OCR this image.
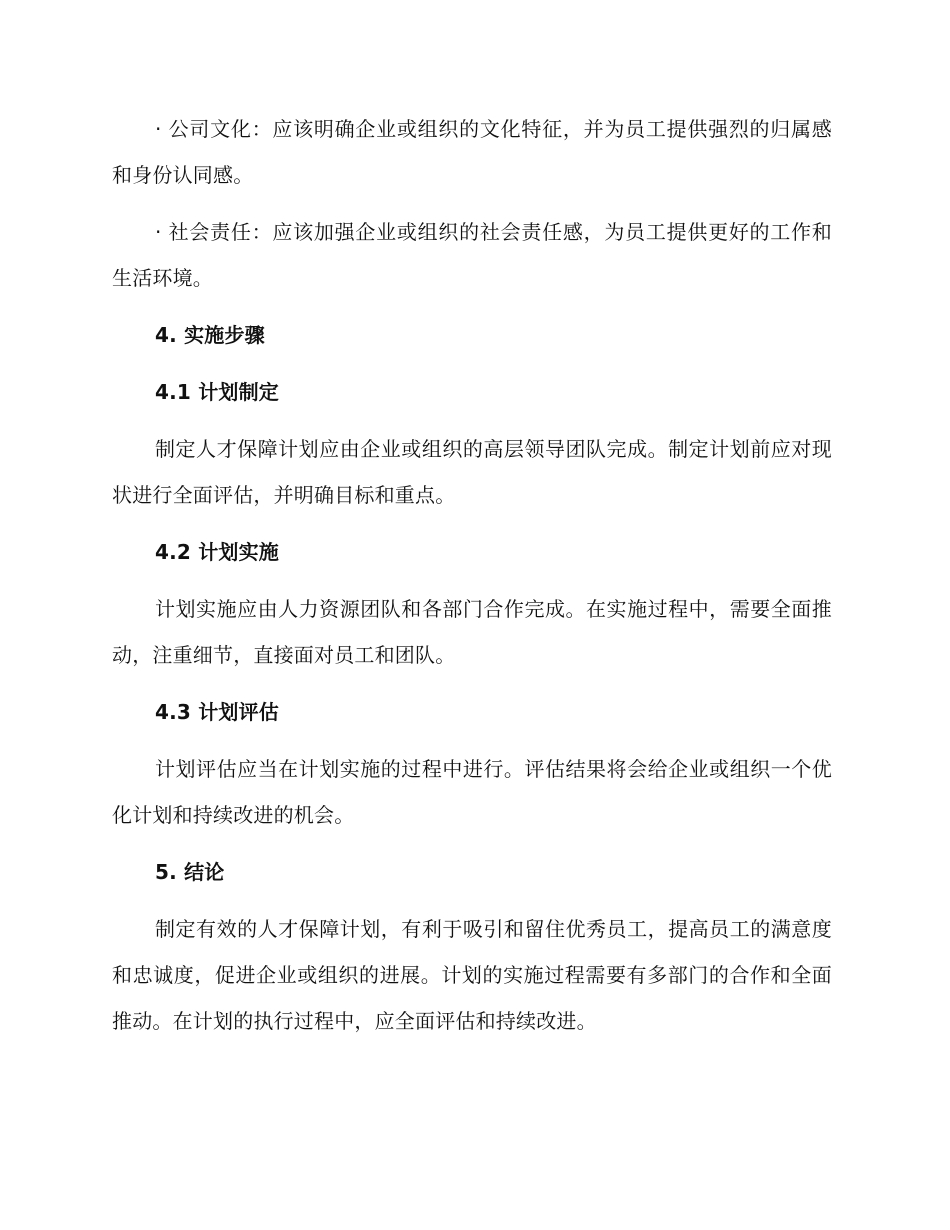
· 公司文化：应该明确企业或组织的文化特征，并为员工提供强烈的归属感和身份认同感。

· 社会责任：应该加强企业或组织的社会责任感，为员工提供更好的工作和生活环境。

4. 实施步骤
4.1 计划制定

制定人才保障计划应由企业或组织的高层领导团队完成。制定计划前应对现状进行全面评估，并明确目标和重点。

4.2 计划实施

计划实施应由人力资源团队和各部门合作完成。在实施过程中，需要全面推动，注重细节，直接面对员工和团队。

4.3 计划评估

计划评估应当在计划实施的过程中进行。评估结果将会给企业或组织一个优化计划和持续改进的机会。

5. 结论

制定有效的人才保障计划，有利于吸引和留住优秀员工，提高员工的满意度和忠诚度，促进企业或组织的进展。计划的实施过程需要有多部门的合作和全面推动。在计划的执行过程中，应全面评估和持续改进。
